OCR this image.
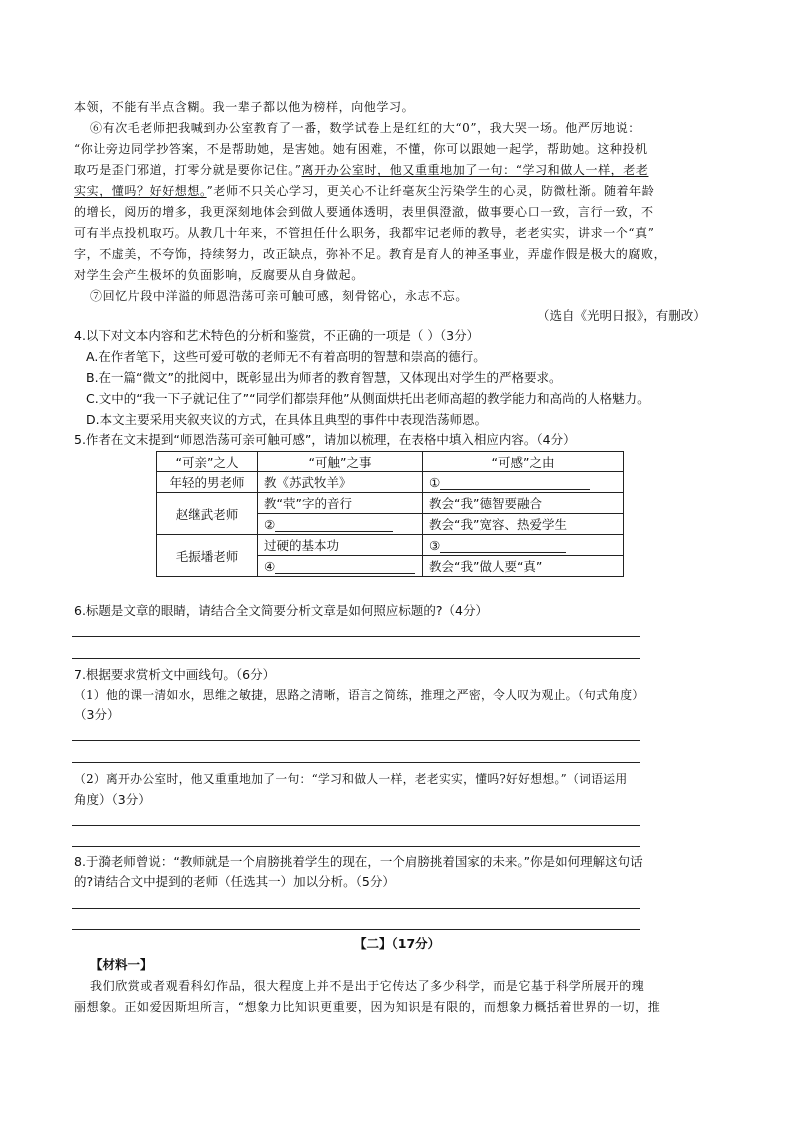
本领，不能有半点含糊。我一辈子都以他为榜样，向他学习。
⑥有次毛老师把我喊到办公室教育了一番，数学试卷上是红红的大“0”，我大哭一场。他严厉地说：
“你让旁边同学抄答案，不是帮助她，是害她。她有困难，不懂，你可以跟她一起学，帮助她。这种投机
取巧是歪门邪道，打零分就是要你记住。”离开办公室时，他又重重地加了一句：“学习和做人一样，老老
实实，懂吗？好好想想。”老师不只关心学习，更关心不让纤毫灰尘污染学生的心灵，防微杜渐。随着年龄
的增长，阅历的增多，我更深刻地体会到做人要通体透明，表里俱澄澈，做事要心口一致，言行一致，不
可有半点投机取巧。从教几十年来，不管担任什么职务，我都牢记老师的教导，老老实实，讲求一个“真”
字，不虚美，不夸饰，持续努力，改正缺点，弥补不足。教育是育人的神圣事业，弄虚作假是极大的腐败，
对学生会产生极坏的负面影响，反腐要从自身做起。
⑦回忆片段中洋溢的师恩浩荡可亲可触可感，刻骨铭心，永志不忘。
（选自《光明日报》，有删改）
4.以下对文本内容和艺术特色的分析和鉴赏，不正确的一项是（ ）（3分）
A.在作者笔下，这些可爱可敬的老师无不有着高明的智慧和崇高的德行。
B.在一篇“微文”的批阅中，既彰显出为师者的教育智慧，又体现出对学生的严格要求。
C.文中的“我一下子就记住了”“同学们都崇拜他”从侧面烘托出老师高超的教学能力和高尚的人格魅力。
D.本文主要采用夹叙夹议的方式，在具体且典型的事件中表现浩荡师恩。
5.作者在文末提到“师恩浩荡可亲可触可感”，请加以梳理，在表格中填入相应内容。（4分）
“可亲”之人	“可触”之事	“可感”之由
年轻的男老师	教《苏武牧羊》	①
赵继武老师	教“茕”字的音行	教会“我”德智要融合
	②	教会“我”宽容、热爱学生
毛振墦老师	过硬的基本功	③
	④	教会“我”做人要“真”
6.标题是文章的眼睛，请结合全文简要分析文章是如何照应标题的?（4分）
7.根据要求赏析文中画线句。（6分）
（1）他的课一清如水，思维之敏捷，思路之清晰，语言之简练，推理之严密，令人叹为观止。（句式角度）
（3分）
（2）离开办公室时，他又重重地加了一句：“学习和做人一样，老老实实，懂吗?好好想想。”（词语运用
角度）（3分）
8.于漪老师曾说：“教师就是一个肩膀挑着学生的现在，一个肩膀挑着国家的未来。”你是如何理解这句话
的?请结合文中提到的老师（任选其一）加以分析。（5分）
【二】（17分）
【材料一】
我们欣赏或者观看科幻作品，很大程度上并不是出于它传达了多少科学，而是它基于科学所展开的瑰
丽想象。正如爱因斯坦所言，“想象力比知识更重要，因为知识是有限的，而想象力概括着世界的一切，推
